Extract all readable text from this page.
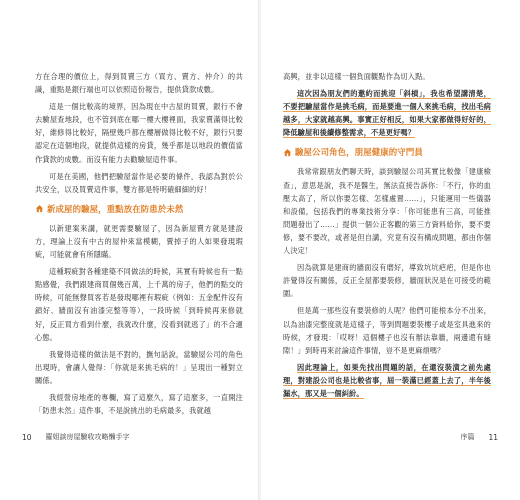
方在合理的價位上，得到買賣三方（買方、賣方、仲介）的共識，重點是銀行端也可以依照這份報告，提供貸款成數。

這是一個比較高的境界，因為現在中古屋的買賣，銀行不會去驗屋查地段，也不管到底在哪一樓大樓裡面，我家賣滿得比較好，維修得比較好，隔壁幾戶都在樓層做得比較不好，銀行只要認定在這個地段，就提供這樣的房貸，幾乎都是以地段的價值當作貸款的成數。而沒有能力去勸驗屋這件事。

可是在美國，他們把驗屋當作是必要的條件，我認為對於公共安全，以及買賣這件事，雙方都是特明確細細的好！

新成屋的驗屋，重點放在防患於未然

以新建案來講，就更需要驗屋了，因為新屋賣方就是建設方，理論上沒有中古的屋仲來當模糊，賣掉子的人如果發現瑕疵，可能就會有所隱瞞。

這種瑕疵對各種建築不同做法的時候，其實有時候也有一點點感覺，我們跟建商買個幾百萬，上千萬的房子，他們的點交的時候，可能無聲買客若是發現哪裡有瑕疵（例如：五金配件沒有鎖好、牆面沒有油漆完整等等），一段時候「到時候再來修就好，反正買方看到什麼，我就改什麼，沒看到就逃了」的不合適心態。

我覺得這樣的做法是不對的，撫句話說，當驗屋公司的角色出現時，會讓人覺得：「你就是來挑毛病的！」呈現出一種對立關係。

我經營房地產的專欄，寫了這麼久，寫了這麼多，一直開注「防患未然」這件事，不是說挑出的毛病最多，我就越

10 羅姐談房屋驗收攻略懶手字

高興，並非以這樣一個負面觀點作為切入點。

這次因為朋友們的邀約而挑迎「斜槓」，我也希望講清楚，不要把驗屋當作是挑毛病，而是要進一個人來挑毛病，找出毛病越多，大家就越高興。事實正好相反，如果大家都做得好好的，降低驗屋和後續修整需求，不是更好嗎？

驗屋公司角色，朋屋健康的守門員

我常常跟朋友們聊天時，談到驗屋公司其實比較像「建康檢查」，意思是說，我不是醫生，無法直接告訴你：「不行，你的血壓太高了，所以你要怎樣、怎樣處置……」，只能運用一些儀器和設備，包括我們的專業技術分享：「你可能患有三高，可能推問題發出了……」提供一個公正客觀的第三方資料給你，要不要修，要不要改，或者是但自講，究竟有沒有構成問題，都由你個人決定！

因為就算是建商的牆面沒有磨好，導致坑坑疤疤，但是你也許覺得沒有關係，反正全屋都要裝修，牆面狀況是在可接受的範圍。

但是萬一那些沒有要裝修的人呢？他們可能根本分不出來，以為油漆完整度就是這樣子，等到問題要裝樓子或是室具進來的時候，才發現：「哎呀！這個樓子也沒有辦法靠牆，兩邊還有縫隙！」到時再來討論這件事情，豈不是更麻煩嗎？

因此理論上，如果先找出問題的話，在還沒裝潢之前先處理，對建設公司也是比較省事，屆一裝滿已經蓋上去了，半年後漏水，那又是一個糾紛。

序篇 11
